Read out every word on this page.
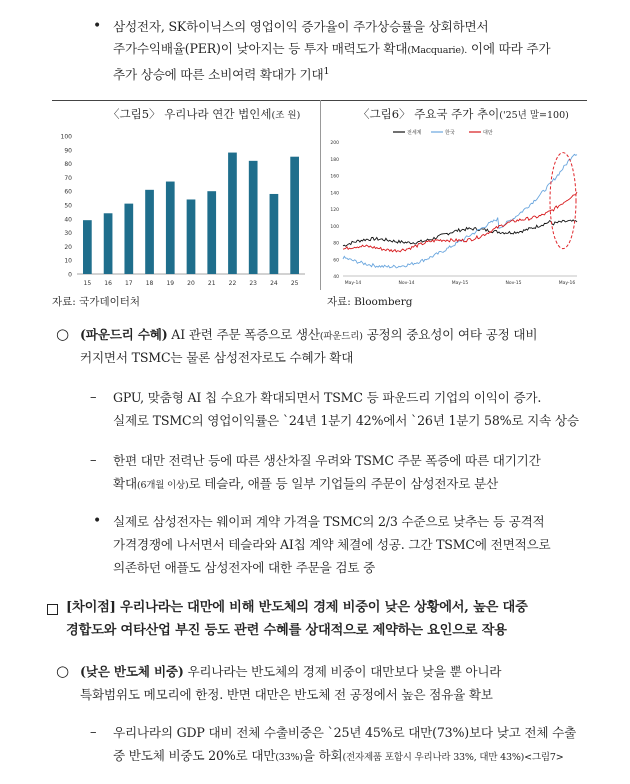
• 삼성전자, SK하이닉스의 영업이익 증가율이 주가상승률을 상회하면서
주가수익배율(PER)이 낮아지는 등 투자 매력도가 확대(Macquarie). 이에 따라 주가
추가 상승에 따른 소비여력 확대가 기대$^1$
〈그림5〉 우리나라 연간 법인세(조 원)	〈그림6〉 주요국 주가 추이('25년 말=100)
0
10
20
30
40
50
60
70
80
90
100
15 16 17 18 19 20 21 22 23 24 25
40
60
80
100
120
140
160
180
200
May-14	Nov-14	May-15	Nov-15	May-16
전세계	한국	대만
자료: 국가데이터처	자료: Bloomberg
○ (파운드리 수혜) AI 관련 주문 폭증으로 생산(파운드리) 공정의 중요성이 여타 공정 대비
커지면서 TSMC는 물론 삼성전자로도 수혜가 확대
– GPU, 맞춤형 AI 칩 수요가 확대되면서 TSMC 등 파운드리 기업의 이익이 증가.
실제로 TSMC의 영업이익률은 `24년 1분기 42%에서 `26년 1분기 58%로 지속 상승
– 한편 대만 전력난 등에 따른 생산차질 우려와 TSMC 주문 폭증에 따른 대기기간
확대(6개월 이상)로 테슬라, 애플 등 일부 기업들의 주문이 삼성전자로 분산
• 실제로 삼성전자는 웨이퍼 계약 가격을 TSMC의 2/3 수준으로 낮추는 등 공격적
가격경쟁에 나서면서 테슬라와 AI칩 계약 체결에 성공. 그간 TSMC에 전면적으로
의존하던 애플도 삼성전자에 대한 주문을 검토 중
[차이점] 우리나라는 대만에 비해 반도체의 경제 비중이 낮은 상황에서, 높은 대중
경합도와 여타산업 부진 등도 관련 수혜를 상대적으로 제약하는 요인으로 작용
○ (낮은 반도체 비중) 우리나라는 반도체의 경제 비중이 대만보다 낮을 뿐 아니라
특화범위도 메모리에 한정. 반면 대만은 반도체 전 공정에서 높은 점유율 확보
– 우리나라의 GDP 대비 전체 수출비중은 `25년 45%로 대만(73%)보다 낮고 전체 수출
중 반도체 비중도 20%로 대만(33%)을 하회(전자제품 포함시 우리나라 33%, 대만 43%)<그림7>
